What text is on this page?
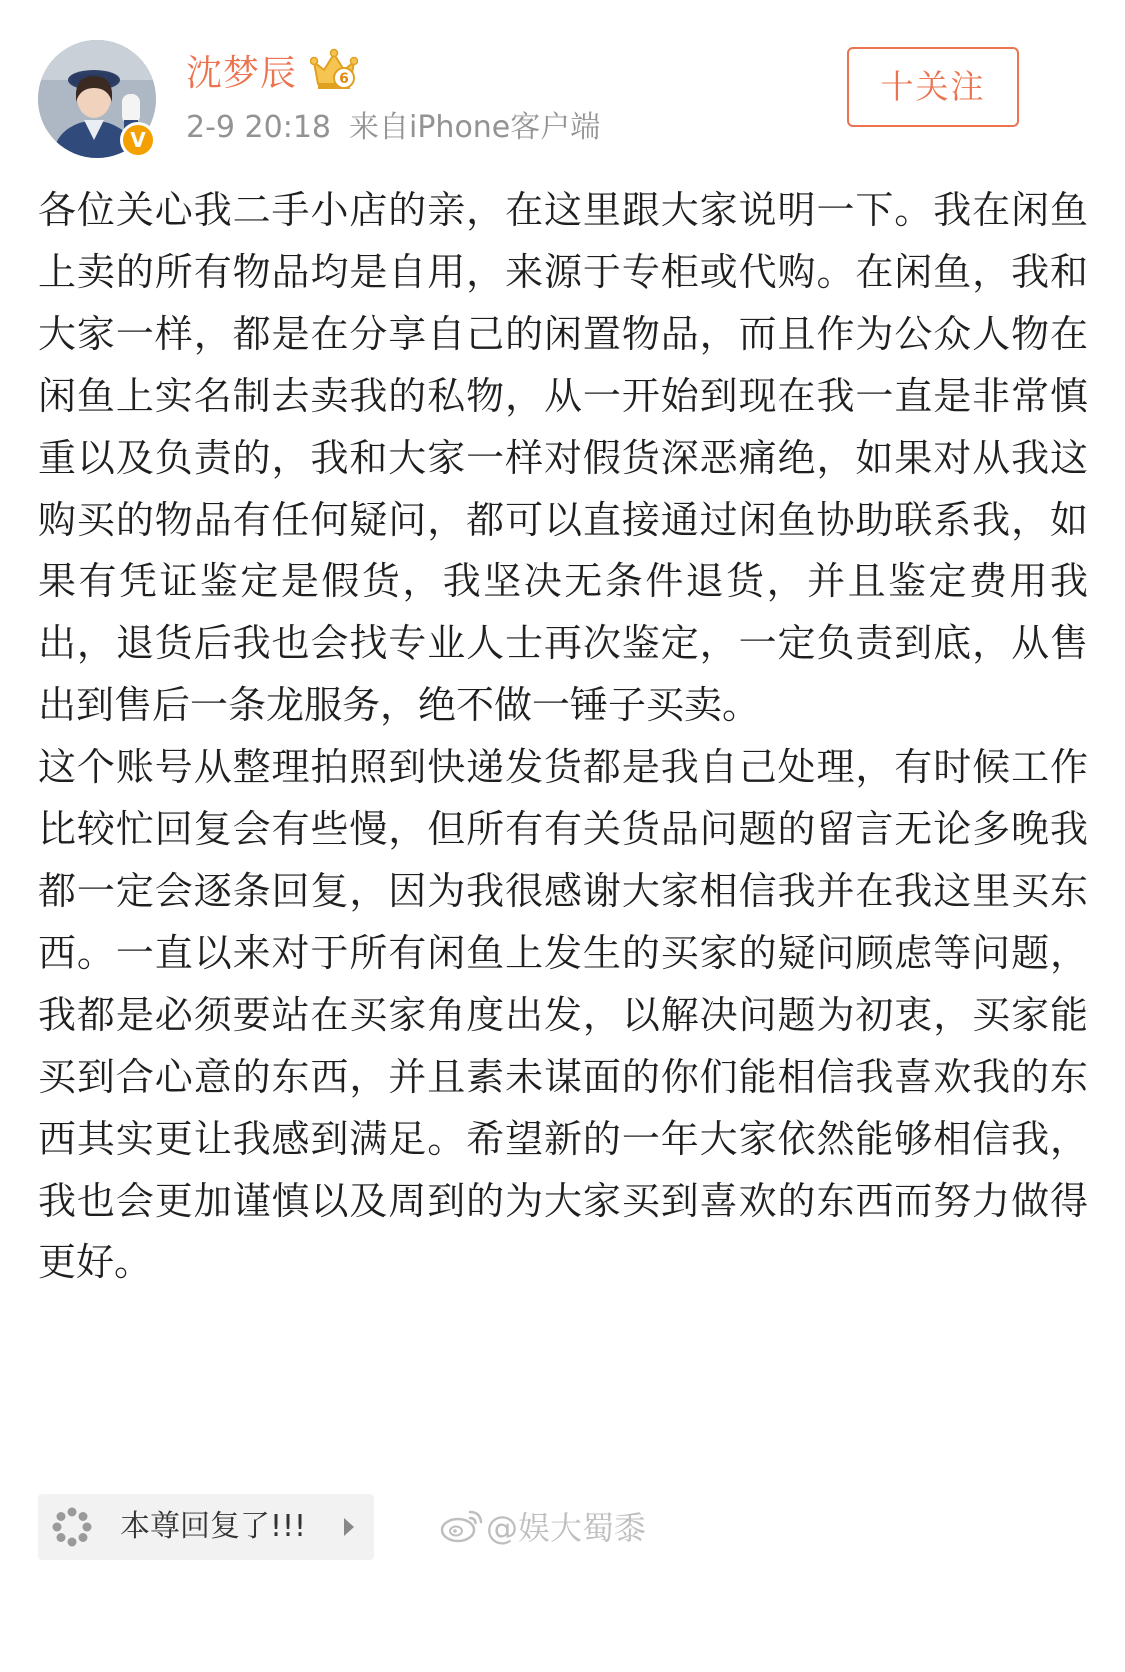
V
沈梦辰	6
2-9 20:18 来自iPhone客户端
十关注

各位关心我二手小店的亲，在这里跟大家说明一下。我在闲鱼上卖的所有物品均是自用，来源于专柜或代购。在闲鱼，我和大家一样，都是在分享自己的闲置物品，而且作为公众人物在闲鱼上实名制去卖我的私物，从一开始到现在我一直是非常慎重以及负责的，我和大家一样对假货深恶痛绝，如果对从我这购买的物品有任何疑问，都可以直接通过闲鱼协助联系我，如果有凭证鉴定是假货，我坚决无条件退货，并且鉴定费用我出，退货后我也会找专业人士再次鉴定，一定负责到底，从售出到售后一条龙服务，绝不做一锤子买卖。

这个账号从整理拍照到快递发货都是我自己处理，有时候工作比较忙回复会有些慢，但所有有关货品问题的留言无论多晚我都一定会逐条回复，因为我很感谢大家相信我并在我这里买东西。一直以来对于所有闲鱼上发生的买家的疑问顾虑等问题，我都是必须要站在买家角度出发，以解决问题为初衷，买家能买到合心意的东西，并且素未谋面的你们能相信我喜欢我的东西其实更让我感到满足。希望新的一年大家依然能够相信我，我也会更加谨慎以及周到的为大家买到喜欢的东西而努力做得更好。

本尊回复了!!!	@娱大蜀黍
